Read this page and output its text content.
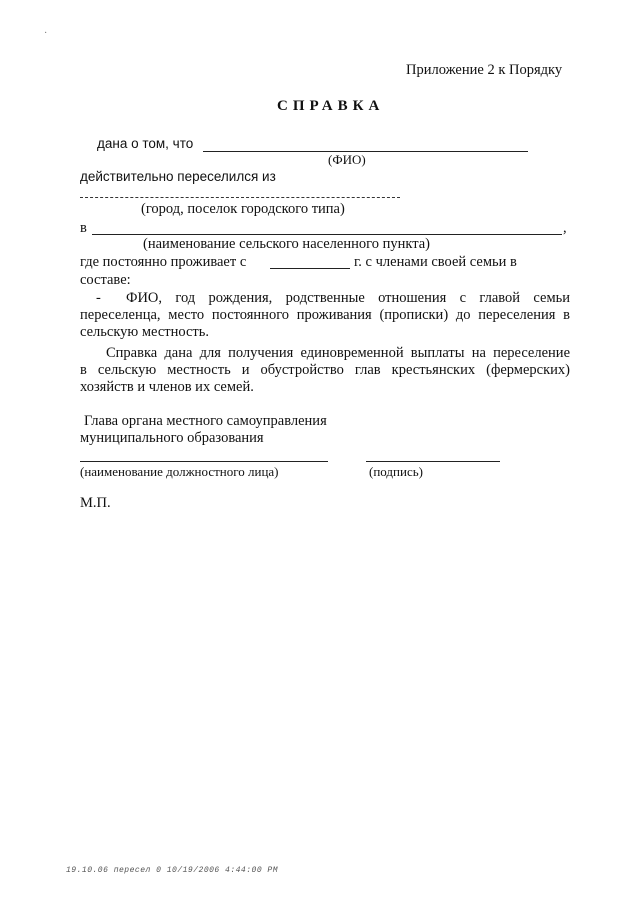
·
Приложение 2 к Порядку
СПРАВКА
дана о том, что
(ФИО)
действительно переселился из
(город, поселок городского типа)
в	,
(наименование сельского населенного пункта)
где постоянно проживает с	г. с членами своей семьи в
составе:
- ФИО, год рождения, родственные отношения с главой семьи
переселенца, место постоянного проживания (прописки) до переселения в
сельскую местность.
Справка дана для получения единовременной выплаты на переселение
в сельскую местность и обустройство глав крестьянских (фермерских)
хозяйств и членов их семей.
Глава органа местного самоуправления
муниципального образования
(наименование должностного лица)	(подпись)
М.П.
19.10.06 пересел 0 10/19/2006 4:44:00 PM
